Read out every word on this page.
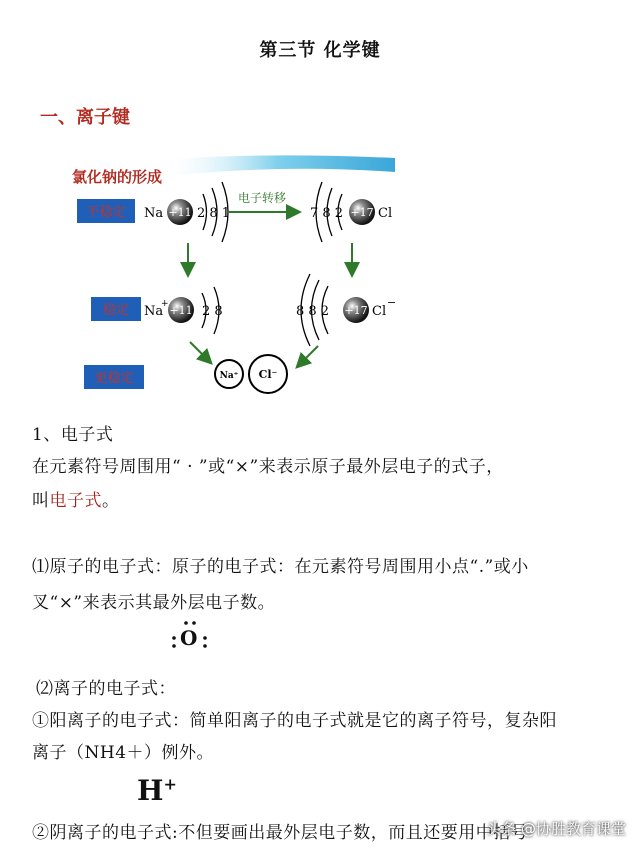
第三节 化学键
一、离子键
氯化钠的形成
不稳定
稳定
更稳定
Na +11 2 8 1
电子转移
7 8 2 +17 Cl
Na
+ +11 2 8	8 8 2 +17 Cl
−
Na⁺ Cl⁻
1、电子式
在元素符号周围用“ · ”或“×”来表示原子最外层电子的式子，
叫电子式。
⑴原子的电子式：原子的电子式：在元素符号周围用小点“.”或小
叉“×”来表示其最外层电子数。
O
⑵离子的电子式：
①阳离子的电子式：简单阳离子的电子式就是它的离子符号，复杂阳
离子（NH4＋）例外。
H+
②阴离子的电子式:不但要画出最外层电子数，而且还要用中括号
头条 @协胜教育课堂
